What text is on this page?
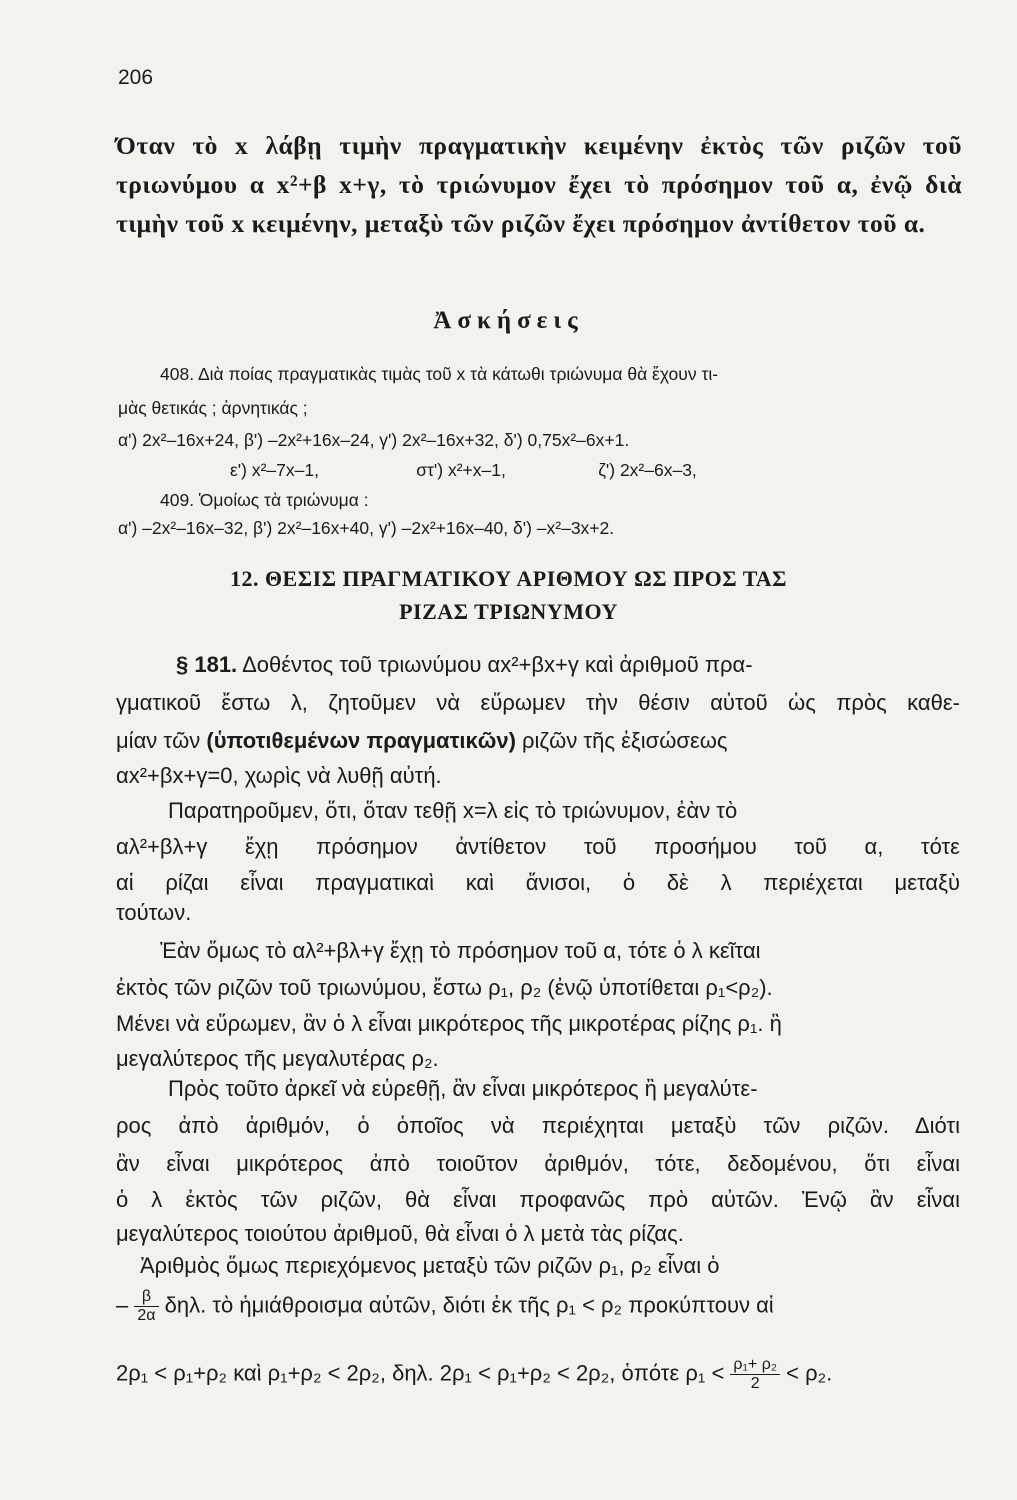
206
Όταν τὸ x λάβῃ τιμὴν πραγματικὴν κειμένην ἐκτὸς τῶν ριζῶν τοῦ τριωνύμου α x²+β x+γ, τὸ τριώνυμον ἔχει τὸ πρόσημον τοῦ α, ἐνῷ διὰ τιμὴν τοῦ x κειμένην, μεταξὺ τῶν ριζῶν ἔχει πρόσημον ἀντίθετον τοῦ α.
Ἀσκήσεις
408. Διὰ ποίας πραγματικὰς τιμὰς τοῦ x τὰ κάτωθι τριώνυμα θὰ ἔχουν τι-
μὰς θετικάς ; ἀρνητικάς ;
α') 2x²–16x+24, β') –2x²+16x–24, γ') 2x²–16x+32, δ') 0,75x²–6x+1.
ε') x²–7x–1,                    στ') x²+x–1,                   ζ') 2x²–6x–3,
409. Ὁμοίως τὰ τριώνυμα :
α') –2x²–16x–32, β') 2x²–16x+40, γ') –2x²+16x–40, δ') –x²–3x+2.
12. ΘΕΣΙΣ ΠΡΑΓΜΑΤΙΚΟΥ ΑΡΙΘΜΟΥ ΩΣ ΠΡΟΣ ΤΑΣ
ΡΙΖΑΣ ΤΡΙΩΝΥΜΟΥ
§ 181. Δοθέντος τοῦ τριωνύμου αx²+βx+γ καὶ ἀριθμοῦ πρα-
γματικοῦ ἔστω λ, ζητοῦμεν νὰ εὕρωμεν τὴν θέσιν αὐτοῦ ὡς πρὸς καθε-
μίαν τῶν (ὑποτιθεμένων πραγματικῶν) ριζῶν τῆς ἐξισώσεως
αx²+βx+γ=0, χωρὶς νὰ λυθῇ αὐτή.
Παρατηροῦμεν, ὅτι, ὅταν τεθῇ x=λ εἰς τὸ τριώνυμον, ἐὰν τὸ
αλ²+βλ+γ ἔχῃ πρόσημον ἀντίθετον τοῦ προσήμου τοῦ α, τότε
αἱ ρίζαι εἶναι πραγματικαὶ καὶ ἄνισοι, ὁ δὲ λ περιέχεται μεταξὺ
τούτων.
Ἐὰν ὅμως τὸ αλ²+βλ+γ ἔχῃ τὸ πρόσημον τοῦ α, τότε ὁ λ κεῖται
ἐκτὸς τῶν ριζῶν τοῦ τριωνύμου, ἔστω ρ₁, ρ₂ (ἐνῷ ὑποτίθεται ρ₁<ρ₂).
Μένει νὰ εὕρωμεν, ἂν ὁ λ εἶναι μικρότερος τῆς μικροτέρας ρίζης ρ₁. ἢ
μεγαλύτερος τῆς μεγαλυτέρας ρ₂.
Πρὸς τοῦτο ἀρκεῖ νὰ εὑρεθῇ, ἂν εἶναι μικρότερος ἢ μεγαλύτε-
ρος ἀπὸ ἀριθμόν, ὁ ὁποῖος νὰ περιέχηται μεταξὺ τῶν ριζῶν. Διότι
ἂν εἶναι μικρότερος ἀπὸ τοιοῦτον ἀριθμόν, τότε, δεδομένου, ὅτι εἶναι
ὁ λ ἐκτὸς τῶν ριζῶν, θὰ εἶναι προφανῶς πρὸ αὐτῶν. Ἐνῷ ἂν εἶναι
μεγαλύτερος τοιούτου ἀριθμοῦ, θὰ εἶναι ὁ λ μετὰ τὰς ρίζας.
Ἀριθμὸς ὅμως περιεχόμενος μεταξὺ τῶν ριζῶν ρ₁, ρ₂ εἶναι ὁ
– $\frac{\beta}{2\alpha} \delta\eta\lambda$. τὸ ἡμιάθροισμα αὐτῶν, διότι ἐκ τῆς ρ₁ < ρ₂ προκύπτουν αἱ
2ρ₁ < ρ₁+ρ₂ καὶ ρ₁+ρ₂ < 2ρ₂, δηλ. 2ρ₁ < ρ₁+ρ₂ < 2ρ₂, ὁπότε $\rho_1 < \frac{\text{ρ₁+ ρ₂}}{2} < \rho_2$.
